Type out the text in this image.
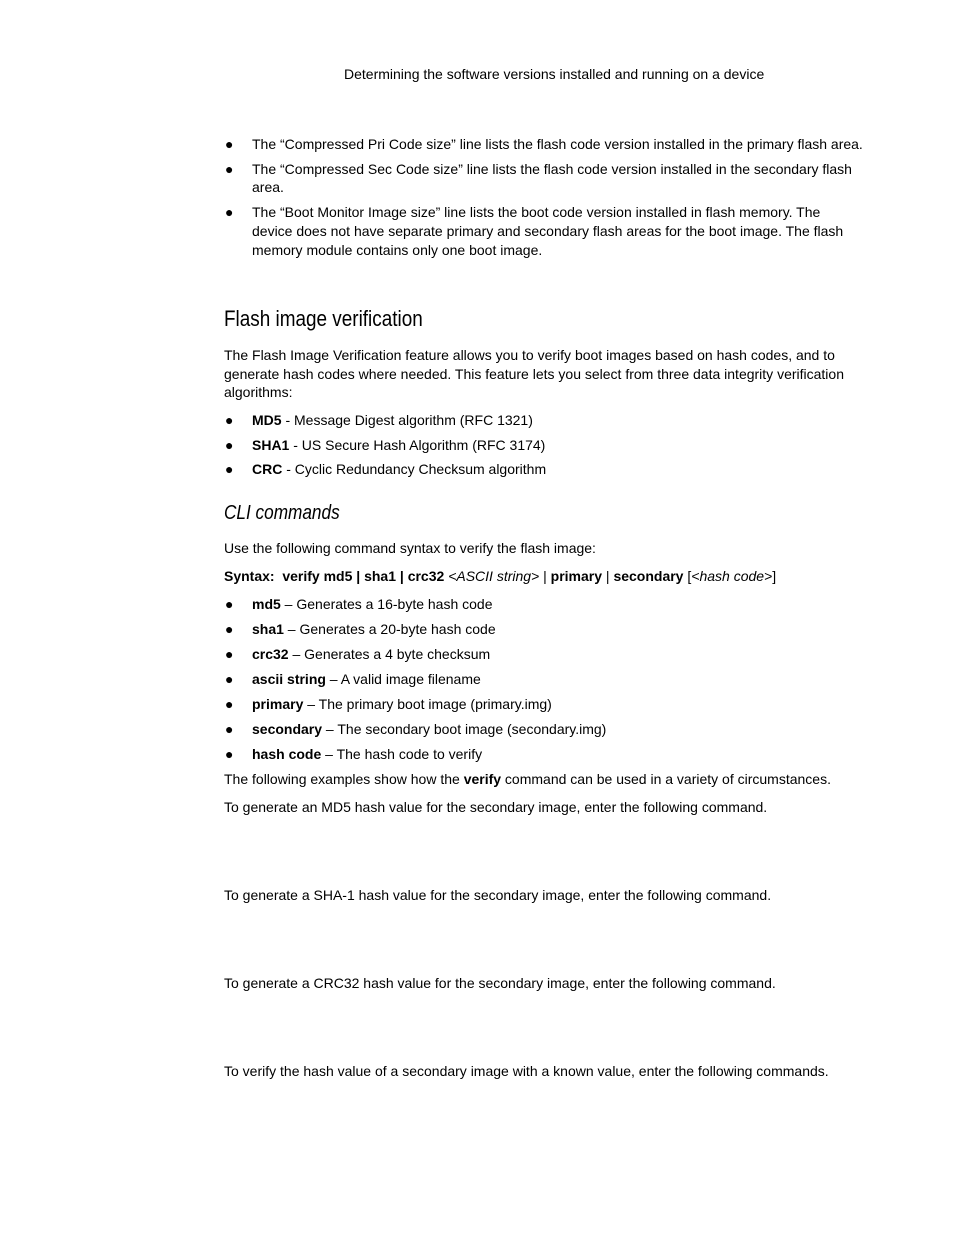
Determining the software versions installed and running on a device
● The “Compressed Pri Code size” line lists the flash code version installed in the primary flash area.

● The “Compressed Sec Code size” line lists the flash code version installed in the secondary flash area.

● The “Boot Monitor Image size” line lists the boot code version installed in flash memory. The device does not have separate primary and secondary flash areas for the boot image. The flash memory module contains only one boot image.

Flash image verification

The Flash Image Verification feature allows you to verify boot images based on hash codes, and to generate hash codes where needed. This feature lets you select from three data integrity verification algorithms:

● MD5 - Message Digest algorithm (RFC 1321)
● SHA1 - US Secure Hash Algorithm (RFC 3174)
● CRC - Cyclic Redundancy Checksum algorithm
CLI commands

Use the following command syntax to verify the flash image:

Syntax: verify md5 | sha1 | crc32 <ASCII string> | primary | secondary [<hash code>]

● md5 – Generates a 16-byte hash code
● sha1 – Generates a 20-byte hash code
● crc32 – Generates a 4 byte checksum
● ascii string – A valid image filename
● primary – The primary boot image (primary.img)
● secondary – The secondary boot image (secondary.img)
● hash code – The hash code to verify

The following examples show how the verify command can be used in a variety of circumstances.

To generate an MD5 hash value for the secondary image, enter the following command.

To generate a SHA-1 hash value for the secondary image, enter the following command.

To generate a CRC32 hash value for the secondary image, enter the following command.

To verify the hash value of a secondary image with a known value, enter the following commands.
